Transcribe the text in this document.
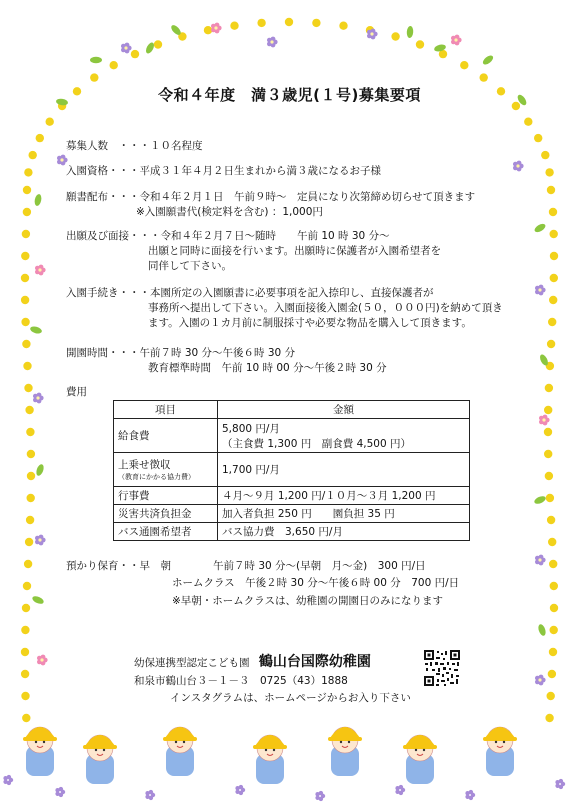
令和４年度　満３歳児(１号)募集要項
募集人数　・・・１０名程度
入園資格・・・平成３１年４月２日生まれから満３歳になるお子様
願書配布・・・令和４年２月１日　午前９時～　定員になり次第締め切らせて頂きます
※入園願書代(検定料を含む) ：1,000円
出願及び面接・・・令和４年２月７日～随時　　午前 10 時 30 分～
出願と同時に面接を行います。出願時に保護者が入園希望者を
同伴して下さい。
入園手続き・・・本園所定の入園願書に必要事項を記入捺印し、直接保護者が
事務所へ提出して下さい。入園面接後入園金(５０，０００円)を納めて頂き
ます。入園の１カ月前に制服採寸や必要な物品を購入して頂きます。
開園時間・・・午前７時 30 分～午後６時 30 分
教育標準時間　午前 10 時 00 分～午後２時 30 分
費用
項目	金額
給食費	5,800 円/月
（主食費 1,300 円　副食費 4,500 円）

上乗せ徴収
（教育にかかる協力費）	1,700 円/月
行事費	４月～９月 1,200 円/１０月～３月 1,200 円
災害共済負担金	加入者負担 250 円　　園負担 35 円
バス通園希望者	バス協力費　3,650 円/月
預かり保育・・早　朝　　　　午前７時 30 分～(早朝　月～金)　300 円/日
ホームクラス　午後２時 30 分～午後６時 00 分　700 円/日
※早朝・ホームクラスは、幼稚園の開園日のみになります
幼保連携型認定こども園 鶴山台国際幼稚園
和泉市鶴山台３－１－３　0725（43）1888
インスタグラムは、ホームページからお入り下さい
